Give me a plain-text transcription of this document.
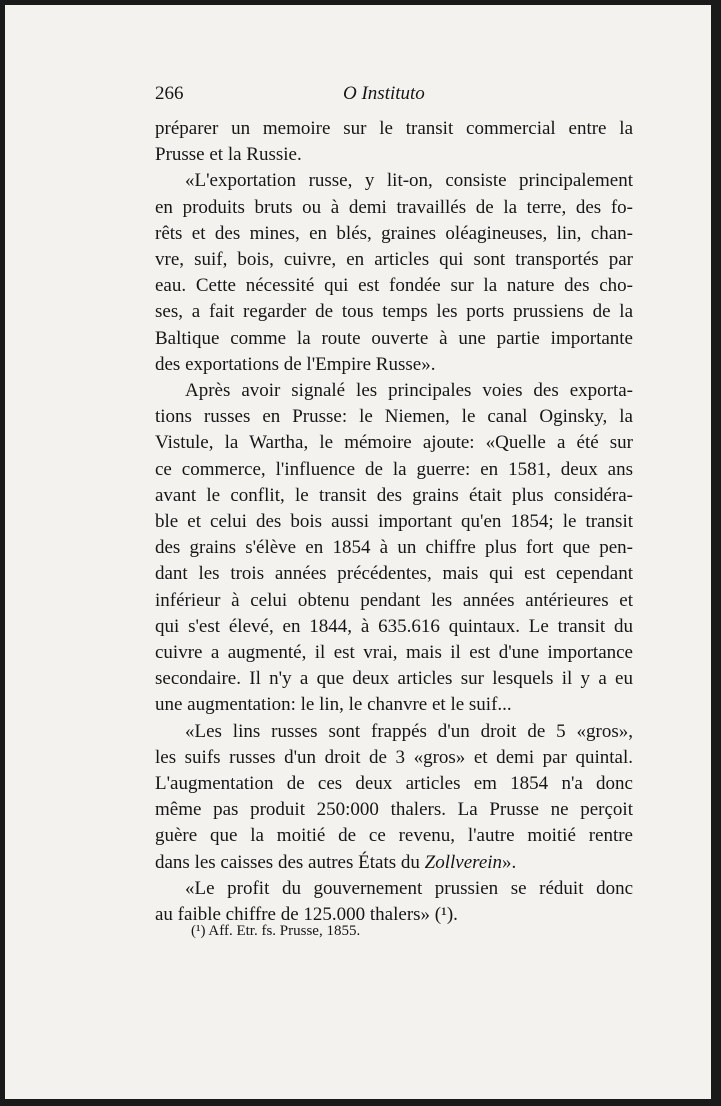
266	O Instituto
préparer un memoire sur le transit commercial entre la
Prusse et la Russie.
«L'exportation russe, y lit-on, consiste principalement
en produits bruts ou à demi travaillés de la terre, des fo-
rêts et des mines, en blés, graines oléagineuses, lin, chan-
vre, suif, bois, cuivre, en articles qui sont transportés par
eau. Cette nécessité qui est fondée sur la nature des cho-
ses, a fait regarder de tous temps les ports prussiens de la
Baltique comme la route ouverte à une partie importante
des exportations de l'Empire Russe».
Après avoir signalé les principales voies des exporta-
tions russes en Prusse: le Niemen, le canal Oginsky, la
Vistule, la Wartha, le mémoire ajoute: «Quelle a été sur
ce commerce, l'influence de la guerre: en 1581, deux ans
avant le conflit, le transit des grains était plus considéra-
ble et celui des bois aussi important qu'en 1854; le transit
des grains s'élève en 1854 à un chiffre plus fort que pen-
dant les trois années précédentes, mais qui est cependant
inférieur à celui obtenu pendant les années antérieures et
qui s'est élevé, en 1844, à 635.616 quintaux. Le transit du
cuivre a augmenté, il est vrai, mais il est d'une importance
secondaire. Il n'y a que deux articles sur lesquels il y a eu
une augmentation: le lin, le chanvre et le suif...
«Les lins russes sont frappés d'un droit de 5 «gros»,
les suifs russes d'un droit de 3 «gros» et demi par quintal.
L'augmentation de ces deux articles em 1854 n'a donc
même pas produit 250:000 thalers. La Prusse ne perçoit
guère que la moitié de ce revenu, l'autre moitié rentre
dans les caisses des autres États du Zollverein».
«Le profit du gouvernement prussien se réduit donc
au faible chiffre de 125.000 thalers» (¹).
(¹) Aff. Etr. fs. Prusse, 1855.
